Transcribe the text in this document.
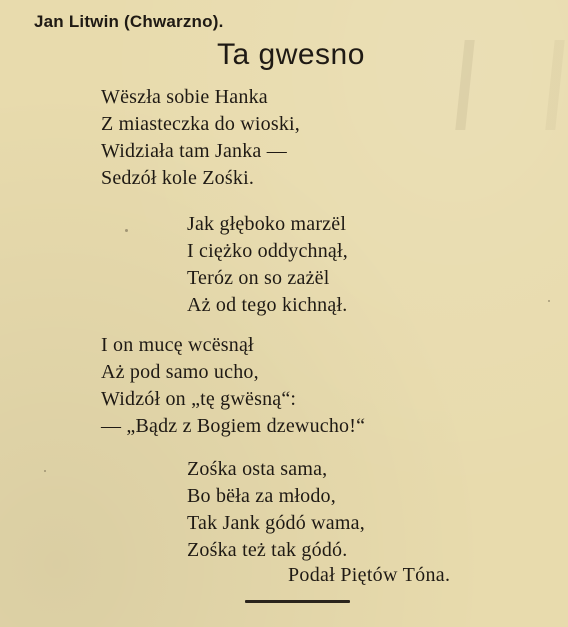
Jan Litwin (Chwarzno).
Ta gwesno
Wëszła sobie Hanka
Z miasteczka do wioski,
Widziała tam Janka —
Sedzół kole Zośki.
Jak głęboko marzël
I ciężko oddychnął,
Teróz on so zażël
Aż od tego kichnął.
I on mucę wcësnął
Aż pod samo ucho,
Widzół on „tę gwësną“:
— „Bądz z Bogiem dzewucho!“
Zośka osta sama,
Bo bëła za młodo,
Tak Jank gódó wama,
Zośka też tak gódó.
Podał Piętów Tóna.
